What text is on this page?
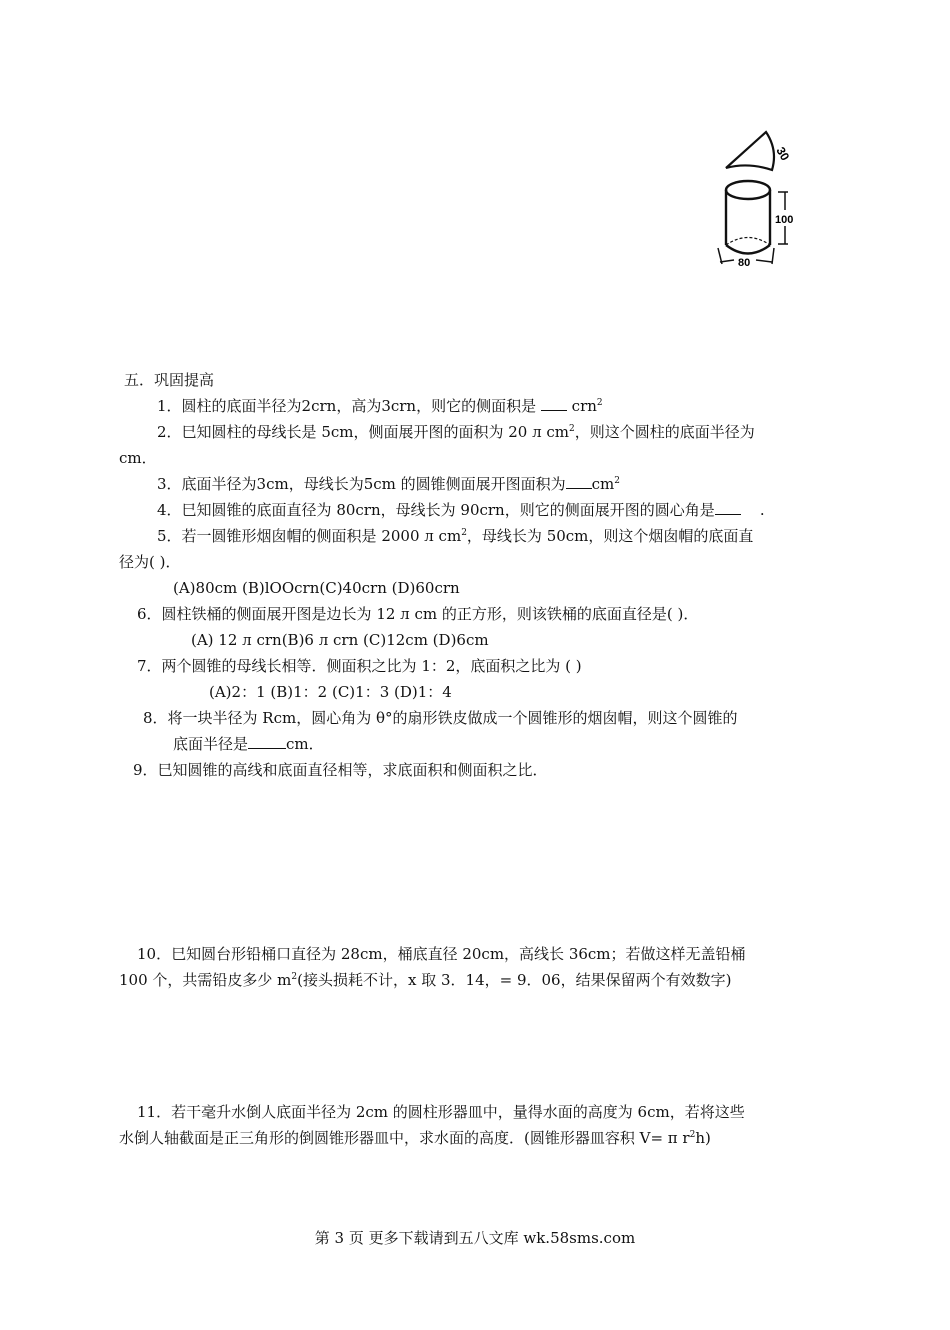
30
100
80
五．巩固提高
1．圆柱的底面半径为2crn，高为3crn，则它的侧面积是 crn$^2$
2．巳知圆柱的母线长是 5cm，侧面展开图的面积为 20 л $cm^2$，则这个圆柱的底面半径为
cm．
3．底面半径为3cm，母线长为5cm 的圆锥侧面展开图面积为 $cm^2$
4．巳知圆锥的底面直径为 80crn，母线长为 90crn，则它的侧面展开图的圆心角是	.
5．若一圆锥形烟囱帽的侧面积是 2000 л $cm^2$，母线长为 50cm，则这个烟囱帽的底面直
径为( )．
(A)80cm (B)lOOcrn(C)40crn (D)60crn
6．圆柱铁桶的侧面展开图是边长为 12 л cm 的正方形，则该铁桶的底面直径是( )．
(A) 12 л crn(B)6 л crn (C)12cm (D)6cm
7．两个圆锥的母线长相等．侧面积之比为 1：2，底面积之比为 ( )
(A)2：1 (B)1：2 (C)1：3 (D)1：4
8．将一块半径为 Rcm，圆心角为 θ°的扇形铁皮做成一个圆锥形的烟囱帽，则这个圆锥的
底面半径是	cm．
9．巳知圆锥的高线和底面直径相等，求底面积和侧面积之比．
10．巳知圆台形铅桶口直径为 28cm，桶底直径 20cm，高线长 36cm；若做这样无盖铅桶
100 个，共需铅皮多少 $m^2$(接头损耗不计，x 取 3．14，= 9．06，结果保留两个有效数字)
11．若干毫升水倒人底面半径为 2cm 的圆柱形器皿中，量得水面的高度为 6cm，若将这些
水倒人轴截面是正三角形的倒圆锥形器皿中，求水面的高度．(圆锥形器皿容积 V= π $r^2h$)
第 3 页 更多下载请到五八文库 wk.58sms.com
